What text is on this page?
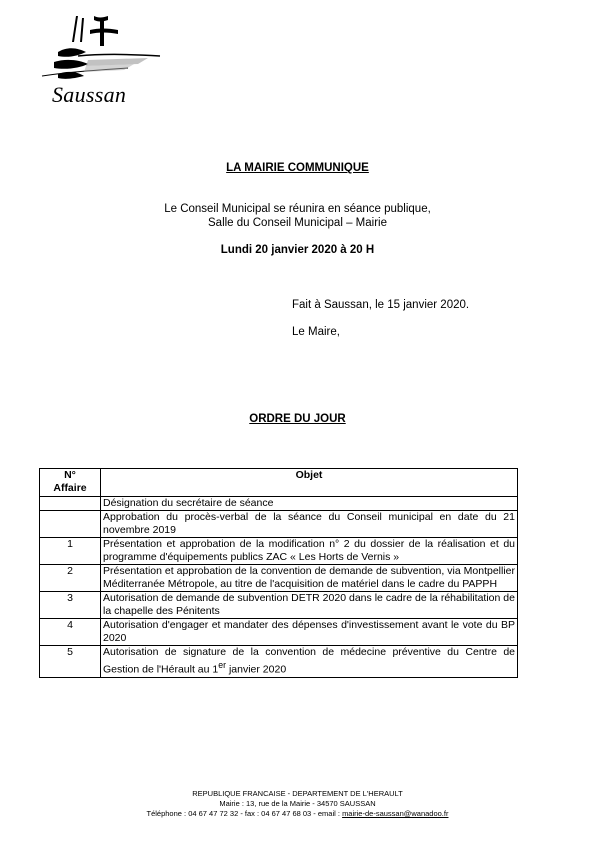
Saussan
LA MAIRIE COMMUNIQUE
Le Conseil Municipal se réunira en séance publique,
Salle du Conseil Municipal – Mairie
Lundi 20 janvier 2020 à 20 H
Fait à Saussan, le 15 janvier 2020.
Le Maire,
ORDRE DU JOUR
N°
Affaire	Objet
	Désignation du secrétaire de séance
	Approbation du procès-verbal de la séance du Conseil municipal en date du 21 novembre 2019
1	Présentation et approbation de la modification n° 2 du dossier de la réalisation et du programme d'équipements publics ZAC « Les Horts de Vernis »
2	Présentation et approbation de la convention de demande de subvention, via Montpellier Méditerranée Métropole, au titre de l'acquisition de matériel dans le cadre du PAPPH
3	Autorisation de demande de subvention DETR 2020 dans le cadre de la réhabilitation de la chapelle des Pénitents
4	Autorisation d'engager et mandater des dépenses d'investissement avant le vote du BP 2020
5	Autorisation de signature de la convention de médecine préventive du Centre de Gestion de l'Hérault au 1er janvier 2020
REPUBLIQUE FRANCAISE - DEPARTEMENT DE L'HERAULT
Mairie : 13, rue de la Mairie - 34570 SAUSSAN
Téléphone : 04 67 47 72 32 - fax : 04 67 47 68 03 - email : mairie-de-saussan@wanadoo.fr
